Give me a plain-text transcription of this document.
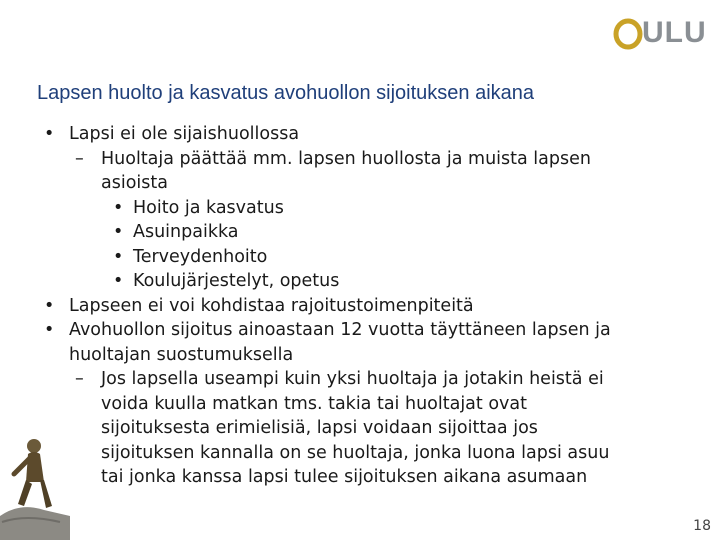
ULU
Lapsen huolto ja kasvatus avohuollon sijoituksen aikana
• Lapsi ei ole sijaishuollossa
– Huoltaja päättää mm. lapsen huollosta ja muista lapsen
asioista
• Hoito ja kasvatus
• Asuinpaikka
• Terveydenhoito
• Koulujärjestelyt, opetus
• Lapseen ei voi kohdistaa rajoitustoimenpiteitä
• Avohuollon sijoitus ainoastaan 12 vuotta täyttäneen lapsen ja
huoltajan suostumuksella
– Jos lapsella useampi kuin yksi huoltaja ja jotakin heistä ei
voida kuulla matkan tms. takia tai huoltajat ovat
sijoituksesta erimielisiä, lapsi voidaan sijoittaa jos
sijoituksen kannalla on se huoltaja, jonka luona lapsi asuu
tai jonka kanssa lapsi tulee sijoituksen aikana asumaan
18
